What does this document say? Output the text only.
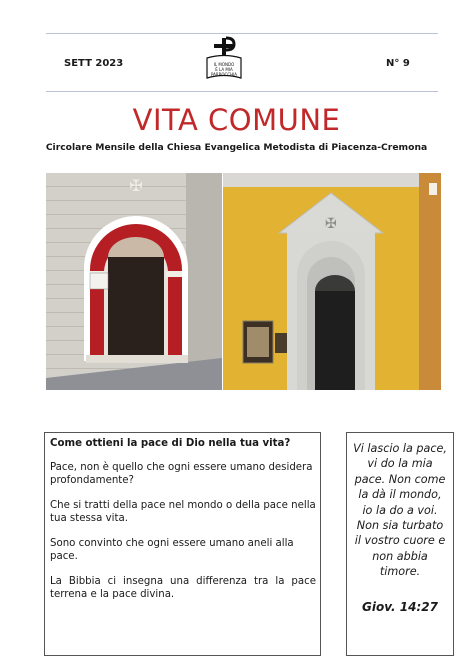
SETT 2023	IL MONDO
È LA MIA
PARROCCHIA
N° 9
VITA COMUNE
Circolare Mensile della Chiesa Evangelica Metodista di Piacenza-Cremona
✠
✠

Come ottieni la pace di Dio nella tua vita?

Pace, non è quello che ogni essere umano desidera profondamente?

Che si tratti della pace nel mondo o della pace nella tua stessa vita.

Sono convinto che ogni essere umano aneli alla pace.

La Bibbia ci insegna una differenza tra la pace terrena e la pace divina.

Vi lascio la pace, vi do la mia pace. Non come la dà il mondo, io la do a voi. Non sia turbato il vostro cuore e non abbia timore.
Giov. 14:27
